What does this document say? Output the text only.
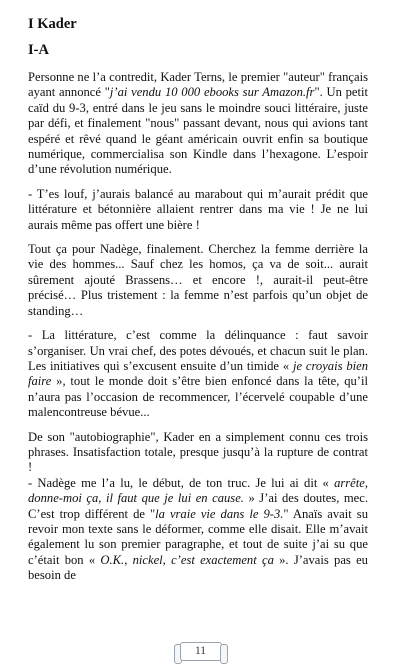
I Kader
I-A

Personne ne l’a contredit, Kader Terns, le premier "auteur" français ayant annoncé "j’ai vendu 10 000 ebooks sur Amazon.fr". Un petit caïd du 9-3, entré dans le jeu sans le moindre souci littéraire, juste par défi, et finalement "nous" passant devant, nous qui avions tant espéré et rêvé quand le géant américain ouvrit enfin sa boutique numérique, commercialisa son Kindle dans l’hexagone. L’espoir d’une révolution numérique.

- T’es louf, j’aurais balancé au marabout qui m’aurait prédit que littérature et bétonnière allaient rentrer dans ma vie ! Je ne lui aurais même pas offert une bière !

Tout ça pour Nadège, finalement. Cherchez la femme derrière la vie des hommes... Sauf chez les homos, ça va de soit... aurait sûrement ajouté Brassens… et encore !, aurait-il peut-être précisé… Plus tristement : la femme n’est parfois qu’un objet de standing…

- La littérature, c’est comme la délinquance : faut savoir s’organiser. Un vrai chef, des potes dévoués, et chacun suit le plan. Les initiatives qui s’excusent ensuite d’un timide « je croyais bien faire », tout le monde doit s’être bien enfoncé dans la tête, qu’il n’aura pas l’occasion de recommencer, l’écervelé coupable d’une malencontreuse bévue...

De son "autobiographie", Kader en a simplement connu ces trois phrases. Insatisfaction totale, presque jusqu’à la rupture de contrat !

- Nadège me l’a lu, le début, de ton truc. Je lui ai dit « arrête, donne-moi ça, il faut que je lui en cause. » J’ai des doutes, mec. C’est trop différent de "la vraie vie dans le 9-3." Anaïs avait su revoir mon texte sans le déformer, comme elle disait. Elle m’avait également lu son premier paragraphe, et tout de suite j’ai su que c’était bon « O.K., nickel, c’est exactement ça ». J’avais pas eu besoin de

11
